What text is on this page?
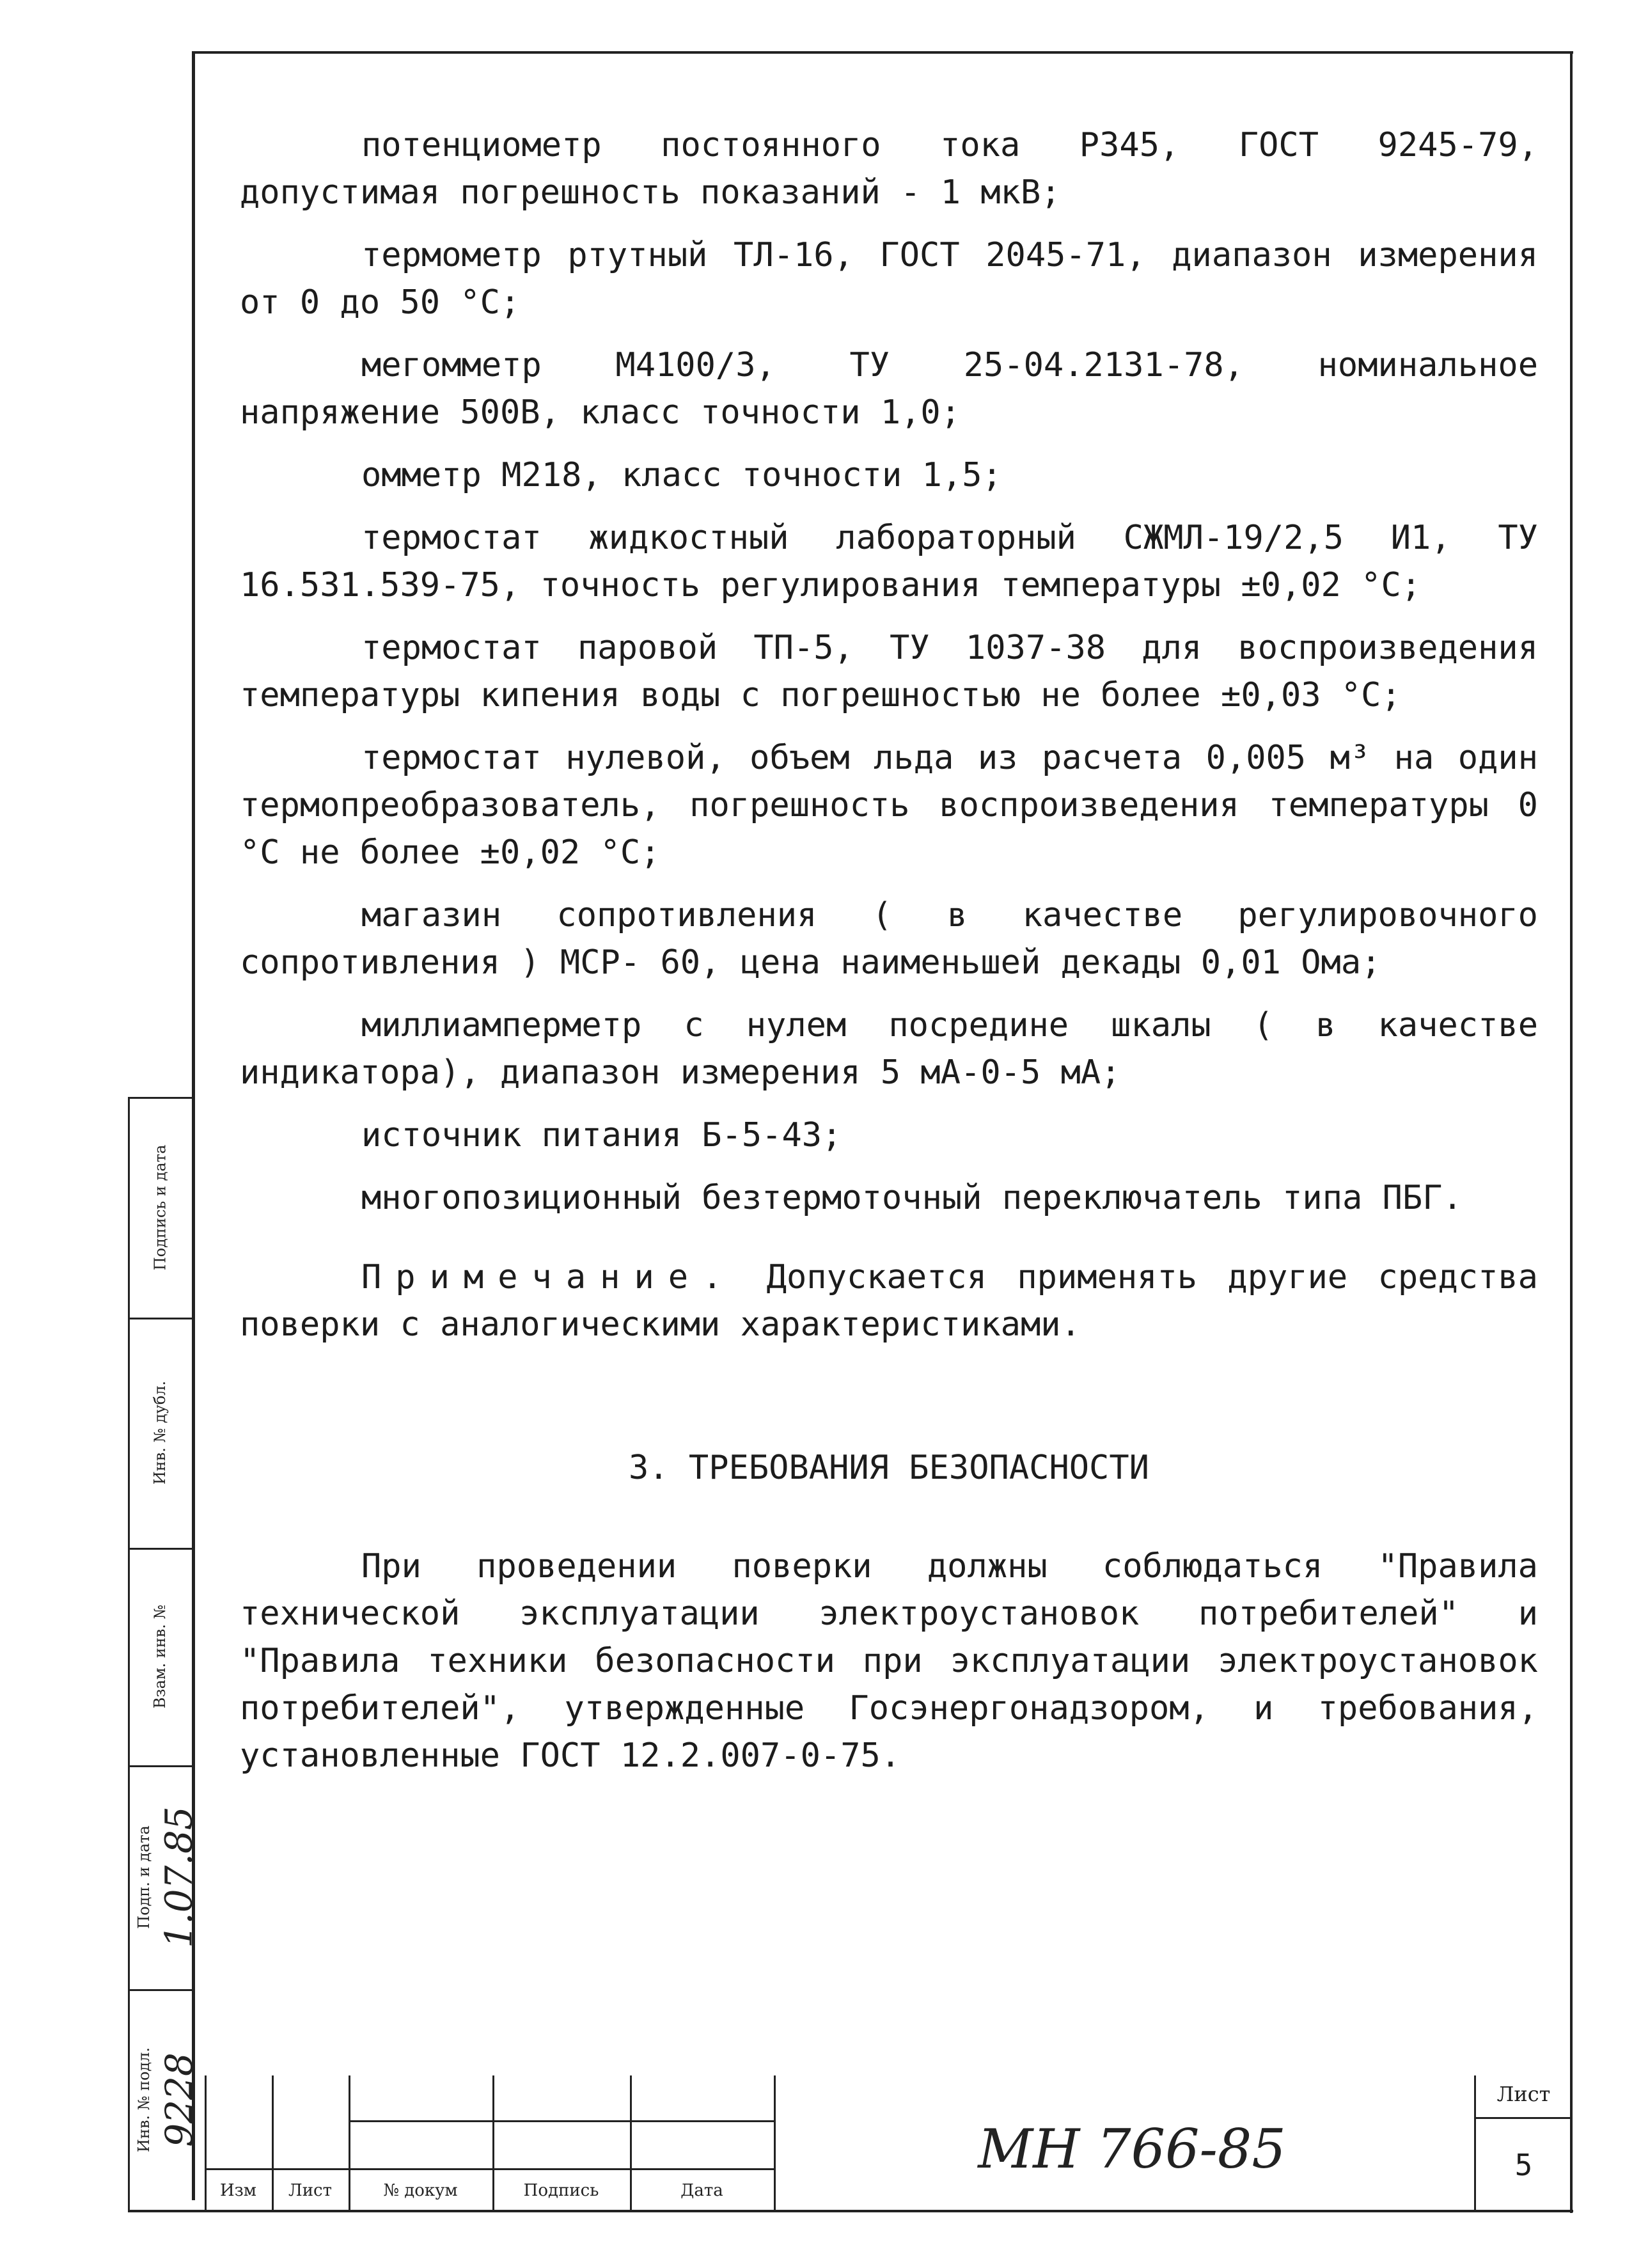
потенциометр постоянного тока Р345, ГОСТ 9245-79, допустимая погрешность показаний - 1 мкВ;

термометр ртутный ТЛ-16, ГОСТ 2045-71, диапазон измерения от 0 до 50 °С;

мегомметр М4100/3, ТУ 25-04.2131-78, номинальное напряжение 500В, класс точности 1,0;

омметр М218, класс точности 1,5;

термостат жидкостный лабораторный СЖМЛ-19/2,5 И1, ТУ 16.531.539-75, точность регулирования температуры ±0,02 °С;

термостат паровой ТП-5, ТУ 1037-38 для воспроизведения температуры кипения воды с погрешностью не более ±0,03 °С;

термостат нулевой, объем льда из расчета 0,005 м³ на один термопреобразователь, погрешность воспроизведения температуры 0 °С не более ±0,02 °С;

магазин сопротивления ( в качестве регулировочного сопротивления ) МСР- 60, цена наименьшей декады 0,01 Ома;

миллиамперметр с нулем посредине шкалы ( в качестве индикатора), диапазон измерения 5 мА-0-5 мА;

источник питания Б-5-43;

многопозиционный безтермоточный переключатель типа ПБГ.

Примечание. Допускается применять другие средства поверки с аналогическими характеристиками.

3. ТРЕБОВАНИЯ БЕЗОПАСНОСТИ

При проведении поверки должны соблюдаться "Правила технической эксплуатации электроустановок потребителей" и "Правила техники безопасности при эксплуатации электроустановок потребителей", утвержденные Госэнергонадзором, и требования, установленные ГОСТ 12.2.007-0-75.

Подпись и дата
Инв. № дубл.
Взам. инв. №
Подп. и дата 1.07.85
Инв. № подл. 9228
Изм	Лист	№ докум	Подпись	Дата
МН 766-85
Лист
5
